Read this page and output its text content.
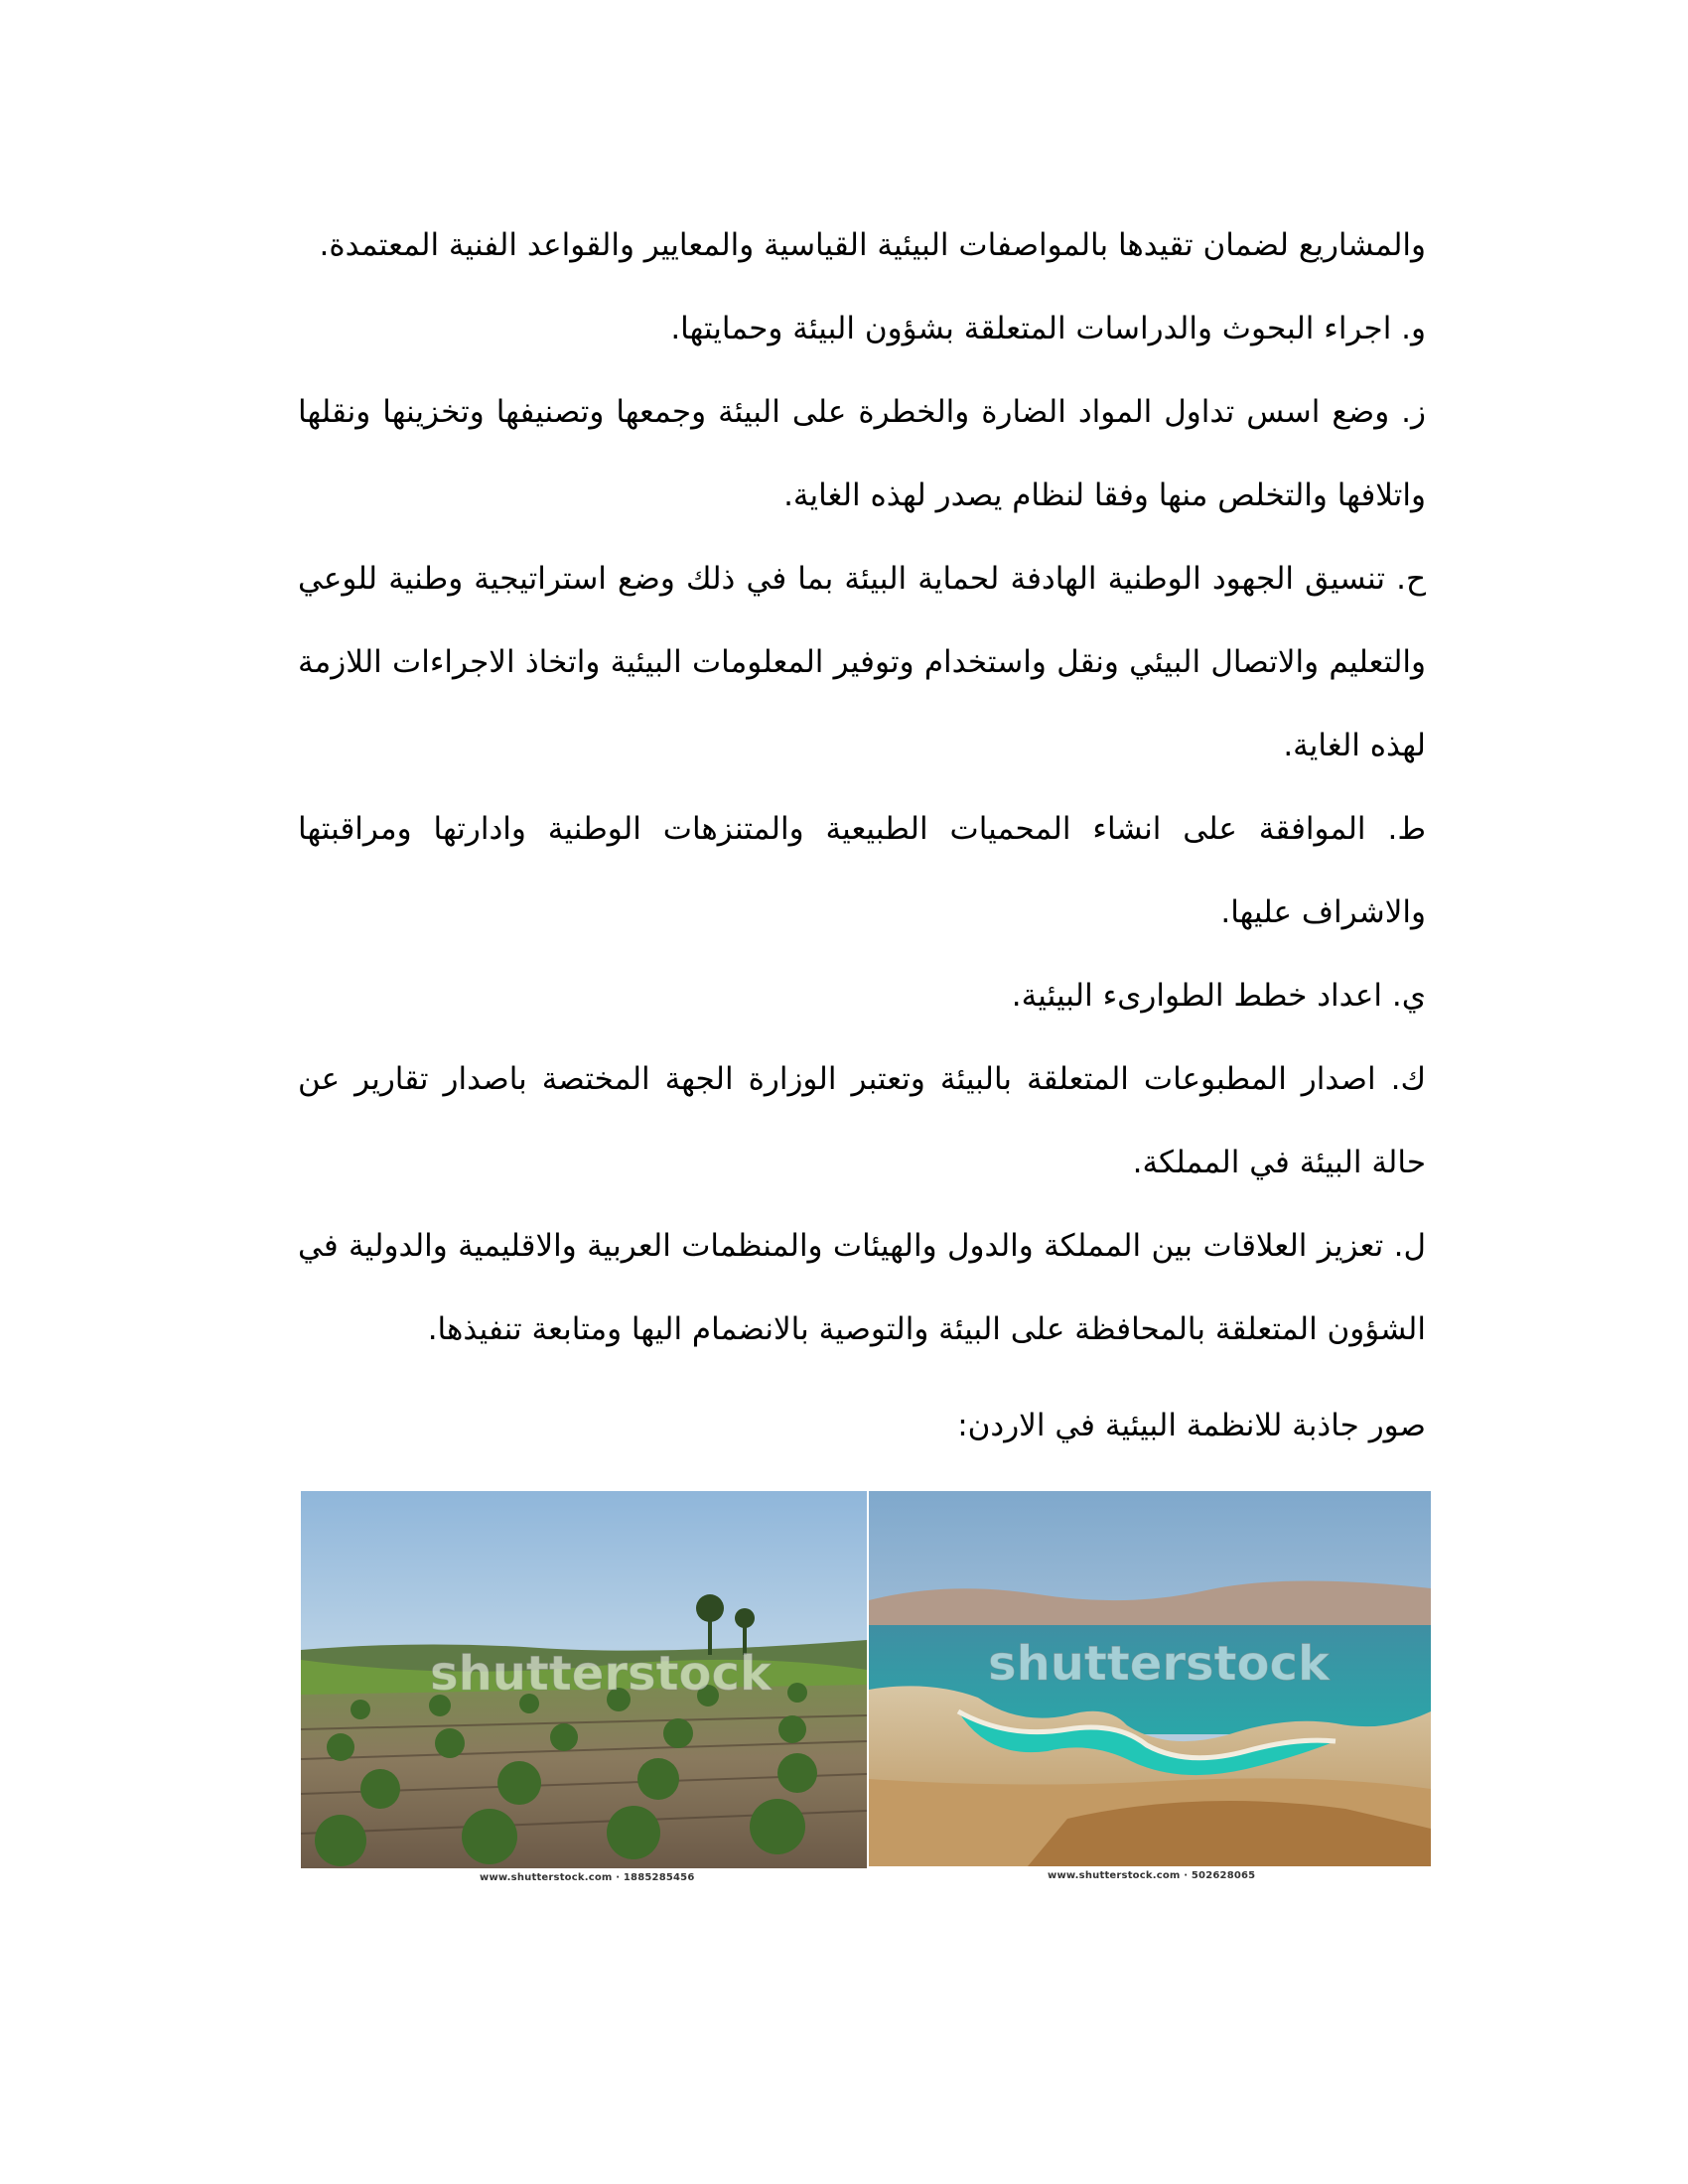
والمشاريع لضمان تقيدها بالمواصفات البيئية القياسية والمعايير والقواعد الفنية المعتمدة.

و. اجراء البحوث والدراسات المتعلقة بشؤون البيئة وحمايتها.

ز. وضع اسس تداول المواد الضارة والخطرة على البيئة وجمعها وتصنيفها وتخزينها ونقلها واتلافها والتخلص منها وفقا لنظام يصدر لهذه الغاية.

ح. تنسيق الجهود الوطنية الهادفة لحماية البيئة بما في ذلك وضع استراتيجية وطنية للوعي والتعليم والاتصال البيئي ونقل واستخدام وتوفير المعلومات البيئية واتخاذ الاجراءات اللازمة لهذه الغاية.

ط. الموافقة على انشاء المحميات الطبيعية والمتنزهات الوطنية وادارتها ومراقبتها والاشراف عليها.

ي. اعداد خطط الطوارىء البيئية.

ك. اصدار المطبوعات المتعلقة بالبيئة وتعتبر الوزارة الجهة المختصة باصدار تقارير عن حالة البيئة في المملكة.

ل. تعزيز العلاقات بين المملكة والدول والهيئات والمنظمات العربية والاقليمية والدولية في الشؤون المتعلقة بالمحافظة على البيئة والتوصية بالانضمام اليها ومتابعة تنفيذها.

صور جاذبة للانظمة البيئية في الاردن:
shutterstock
www.shutterstock.com · 1885285456
shutterstock
www.shutterstock.com · 502628065
